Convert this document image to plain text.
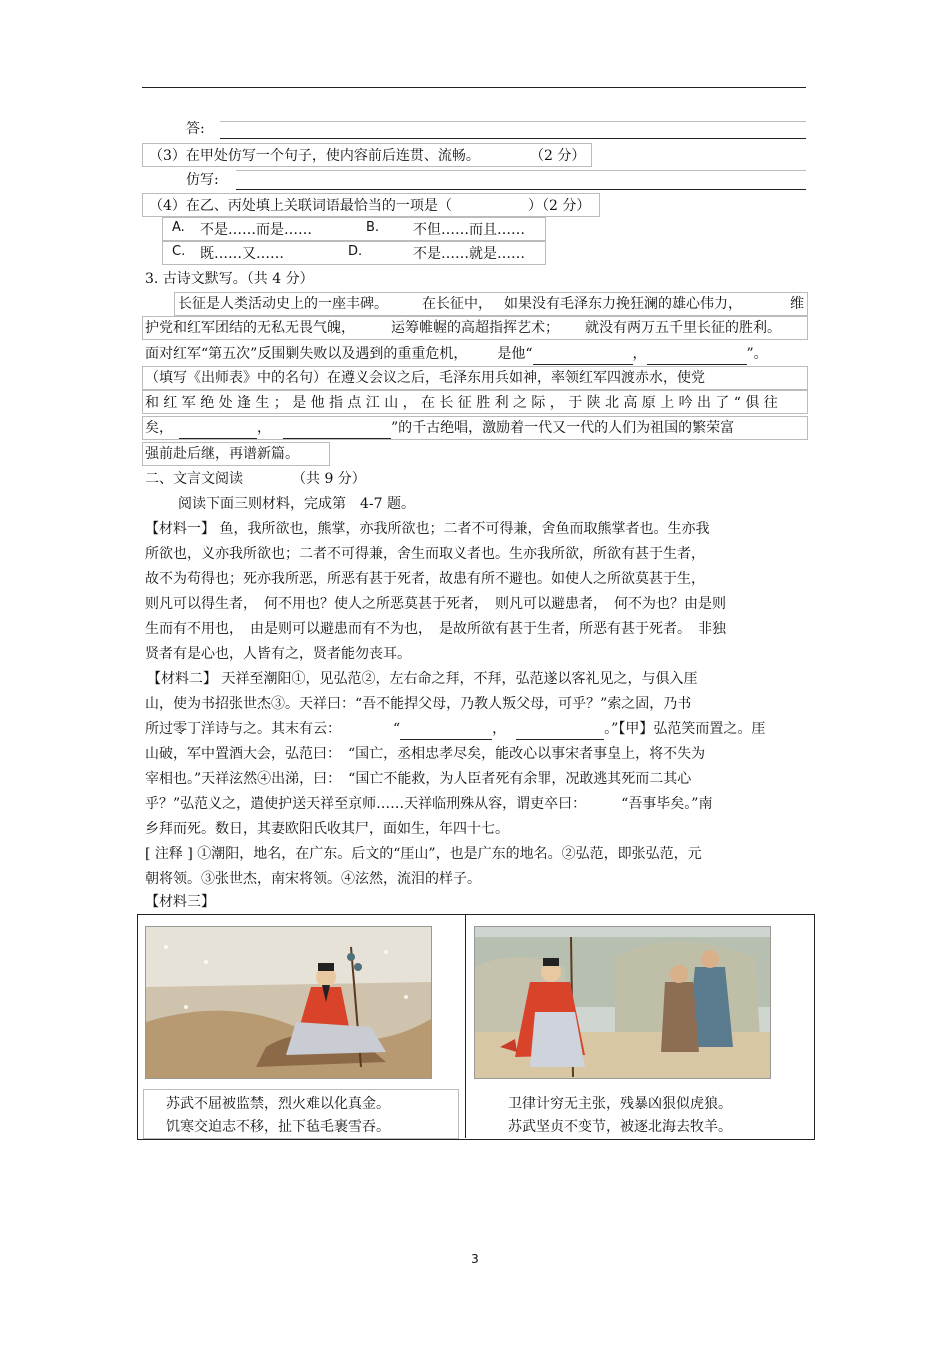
答:
（3）在甲处仿写一个句子，使内容前后连贯、流畅。	（2 分）
仿写:
（4）在乙、丙处填上关联词语最恰当的一项是（	）（2 分）
A. 不是……而是……	B. 不但……而且……
C. 既……又……	D.	不是……就是……
3. 古诗文默写。（共 4 分）
长征是人类活动史上的一座丰碑。 在长征中， 如果没有毛泽东力挽狂澜的雄心伟力，	维
护党和红军团结的无私无畏气魄，	运筹帷幄的高超指挥艺术； 就没有两万五千里长征的胜利。
面对红军“第五次”反围剿失败以及遇到的重重危机， 是他“	，	”。
（填写《出师表》中的名句）在遵义会议之后，毛泽东用兵如神，率领红军四渡赤水，使党
和红军绝处逢生；是他指点江山，在长征胜利之际，于陕北高原上吟出了“俱往
矣，	，	”的千古绝唱，激励着一代又一代的人们为祖国的繁荣富
强前赴后继，再谱新篇。
二、文言文阅读	（共 9 分）
阅读下面三则材料，完成第　4-7 题。
【材料一】 鱼，我所欲也，熊掌，亦我所欲也；二者不可得兼，舍鱼而取熊掌者也。生亦我
所欲也，义亦我所欲也；二者不可得兼，舍生而取义者也。生亦我所欲，所欲有甚于生者，
故不为苟得也；死亦我所恶，所恶有甚于死者，故患有所不避也。如使人之所欲莫甚于生，
则凡可以得生者，　何不用也？使人之所恶莫甚于死者，　则凡可以避患者，　何不为也？由是则
生而有不用也，　由是则可以避患而有不为也，　是故所欲有甚于生者，所恶有甚于死者。　非独
贤者有是心也，人皆有之，贤者能勿丧耳。
【材料二】 天祥至潮阳①，见弘范②，左右命之拜，不拜，弘范遂以客礼见之，与俱入厓
山，使为书招张世杰③。天祥曰：“吾不能捍父母，乃教人叛父母，可乎？”索之固，乃书
所过零丁洋诗与之。其末有云：	“	，	。”【甲】弘范笑而置之。厓
山破，军中置酒大会，弘范曰：　“国亡，丞相忠孝尽矣，能改心以事宋者事皇上，将不失为
宰相也。”天祥泫然④出涕，曰：　“国亡不能救，为人臣者死有余罪，况敢逃其死而二其心
乎？”弘范义之，遣使护送天祥至京师……天祥临刑殊从容，谓吏卒曰：　　　“吾事毕矣。”南
乡拜而死。数日，其妻欧阳氏收其尸，面如生，年四十七。
[ 注释 ] ①潮阳，地名，在广东。后文的“厓山”，也是广东的地名。②弘范，即张弘范，元
朝将领。③张世杰，南宋将领。④泫然，流泪的样子。
【材料三】
苏武不屈被监禁，烈火难以化真金。
饥寒交迫志不移，扯下毡毛裹雪吞。
卫律计穷无主张，残暴凶狠似虎狼。
苏武坚贞不变节，被逐北海去牧羊。
3
